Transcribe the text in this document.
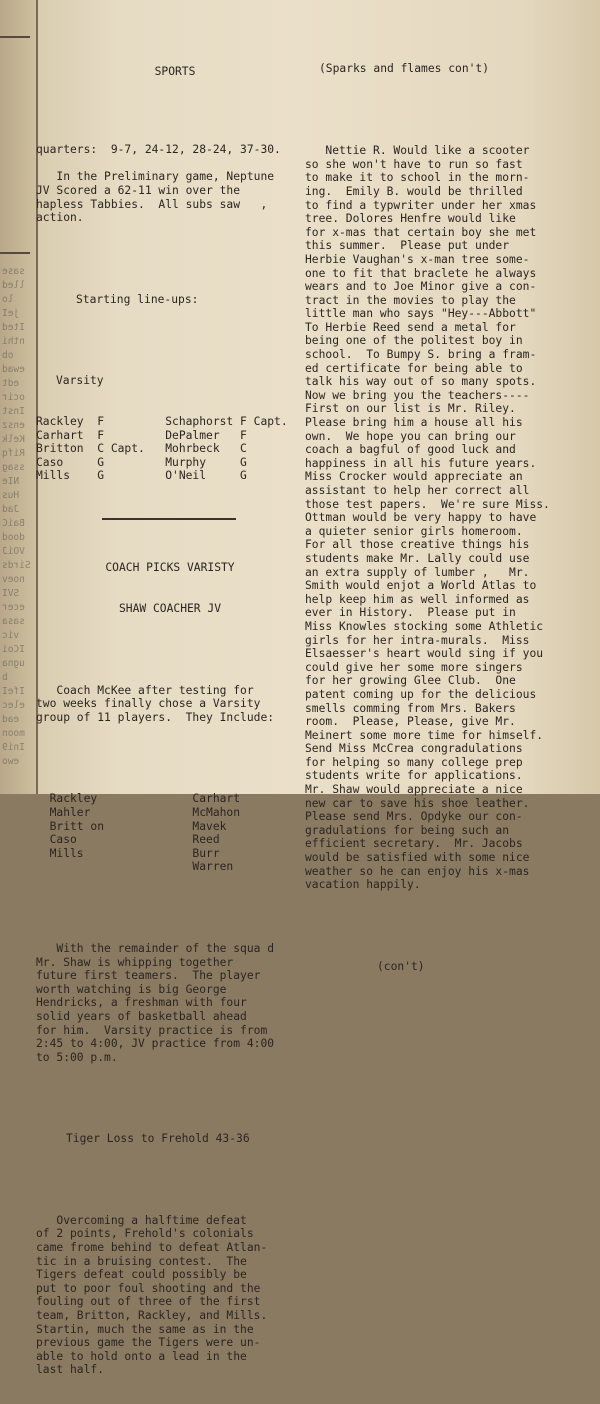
sase
lled
lo
jeI
Ited
nthi
ob
ewad
edt
ocir
Inst
ensz
Kelk
Rifq
ssag
NIe
Hus
Jad
BaiC
dood
VOiJ
Sirds
noev
SVI
ecer
sasa
vic
ICoi
ugna
b
IfeI
elec
ead
moon
Ini9
ewo

SPORTS

quarters:  9-7, 24-12, 28-24, 37-30.
In the Preliminary game, Neptune
JV Scored a 62-11 win over the
hapless Tabbies.  All subs saw   ,
action.

Starting line-ups:

Varsity

Rackley  F         Schaphorst F Capt.
Carhart  F         DePalmer   F
Britton  C Capt.   Mohrbeck   C
Caso     G         Murphy     G
Mills    G         O'Neil     G

COACH PICKS VARISTY

SHAW COACHER JV

Coach McKee after testing for
two weeks finally chose a Varsity
group of 11 players.  They Include:

Rackley              Carhart
Mahler               McMahon
Britt on             Mavek
Caso                 Reed
Mills                Burr
Warren

With the remainder of the squa d
Mr. Shaw is whipping together
future first teamers.  The player
worth watching is big George
Hendricks, a freshman with four
solid years of basketball ahead
for him.  Varsity practice is from
2:45 to 4:00, JV practice from 4:00
to 5:00 p.m.

Tiger Loss to Frehold 43-36

Overcoming a halftime defeat
of 2 points, Frehold's colonials
came frome behind to defeat Atlan-
tic in a bruising contest.  The
Tigers defeat could possibly be
put to poor foul shooting and the
fouling out of three of the first
team, Britton, Rackley, and Mills.
Startin, much the same as in the
previous game the Tigers were un-
able to hold onto a lead in the
last half.

(Sparks and flames con't)

Nettie R. Would like a scooter
so she won't have to run so fast
to make it to school in the morn-
ing.  Emily B. would be thrilled
to find a typwriter under her xmas
tree. Dolores Henfre would like
for x-mas that certain boy she met
this summer.  Please put under
Herbie Vaughan's x-man tree some-
one to fit that braclete he always
wears and to Joe Minor give a con-
tract in the movies to play the
little man who says "Hey---Abbott"
To Herbie Reed send a metal for
being one of the politest boy in
school.  To Bumpy S. bring a fram-
ed certificate for being able to
talk his way out of so many spots.
Now we bring you the teachers----
First on our list is Mr. Riley.
Please bring him a house all his
own.  We hope you can bring our
coach a bagful of good luck and
happiness in all his future years.
Miss Crocker would appreciate an
assistant to help her correct all
those test papers.  We're sure Miss.
Ottman would be very happy to have
a quieter senior girls homeroom.
For all those creative things his
students make Mr. Lally could use
an extra supply of lumber ,   Mr.
Smith would enjot a World Atlas to
help keep him as well informed as
ever in History.  Please put in
Miss Knowles stocking some Athletic
girls for her intra-murals.  Miss
Elsaesser's heart would sing if you
could give her some more singers
for her growing Glee Club.  One
patent coming up for the delicious
smells comming from Mrs. Bakers
room.  Please, Please, give Mr.
Meinert some more time for himself.
Send Miss McCrea congradulations
for helping so many college prep
students write for applications.
Mr. Shaw would appreciate a nice
new car to save his shoe leather.
Please send Mrs. Opdyke our con-
gradulations for being such an
efficient secretary.  Mr. Jacobs
would be satisfied with some nice
weather so he can enjoy his x-mas
vacation happily.

(con't)
